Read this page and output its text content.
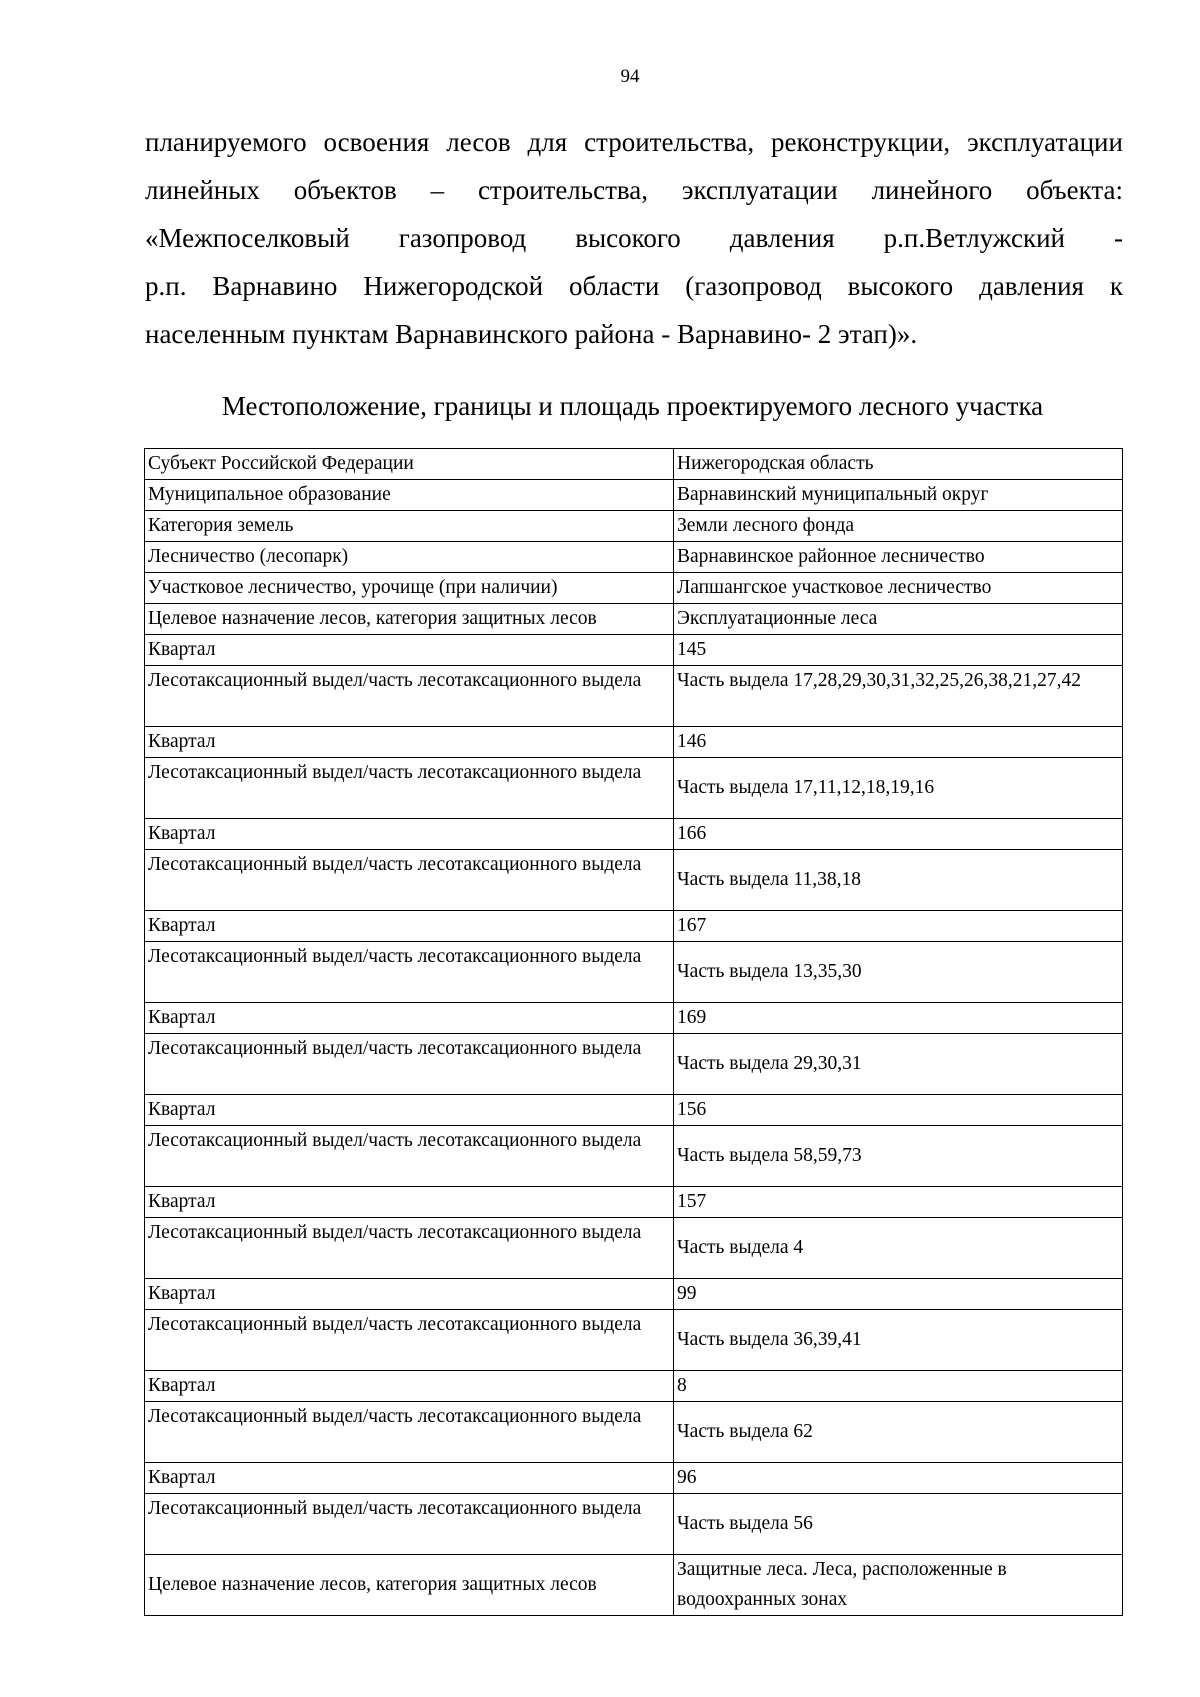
94
планируемого освоения лесов для строительства, реконструкции, эксплуатации
линейных объектов – строительства, эксплуатации линейного объекта:
«Межпоселковый газопровод высокого давления р.п.Ветлужский -
р.п. Варнавино Нижегородской области (газопровод высокого давления к
населенным пунктам Варнавинского района - Варнавино- 2 этап)».
Местоположение, границы и площадь проектируемого лесного участка
Субъект Российской Федерации	Нижегородская область
Муниципальное образование	Варнавинский муниципальный округ
Категория земель	Земли лесного фонда
Лесничество (лесопарк)	Варнавинское районное лесничество
Участковое лесничество, урочище (при наличии)	Лапшангское участковое лесничество
Целевое назначение лесов, категория защитных лесов	Эксплуатационные леса
Квартал	145
Лесотаксационный выдел/часть лесотаксационного выдела	Часть выдела 17,28,29,30,31,32,25,26,38,21,27,42
Квартал	146
Лесотаксационный выдел/часть лесотаксационного выдела	Часть выдела 17,11,12,18,19,16
Квартал	166
Лесотаксационный выдел/часть лесотаксационного выдела	Часть выдела 11,38,18
Квартал	167
Лесотаксационный выдел/часть лесотаксационного выдела	Часть выдела 13,35,30
Квартал	169
Лесотаксационный выдел/часть лесотаксационного выдела	Часть выдела 29,30,31
Квартал	156
Лесотаксационный выдел/часть лесотаксационного выдела	Часть выдела 58,59,73
Квартал	157
Лесотаксационный выдел/часть лесотаксационного выдела	Часть выдела 4
Квартал	99
Лесотаксационный выдел/часть лесотаксационного выдела	Часть выдела 36,39,41
Квартал	8
Лесотаксационный выдел/часть лесотаксационного выдела	Часть выдела 62
Квартал	96
Лесотаксационный выдел/часть лесотаксационного выдела	Часть выдела 56
Целевое назначение лесов, категория защитных лесов	Защитные леса. Леса, расположенные в водоохранных зонах
